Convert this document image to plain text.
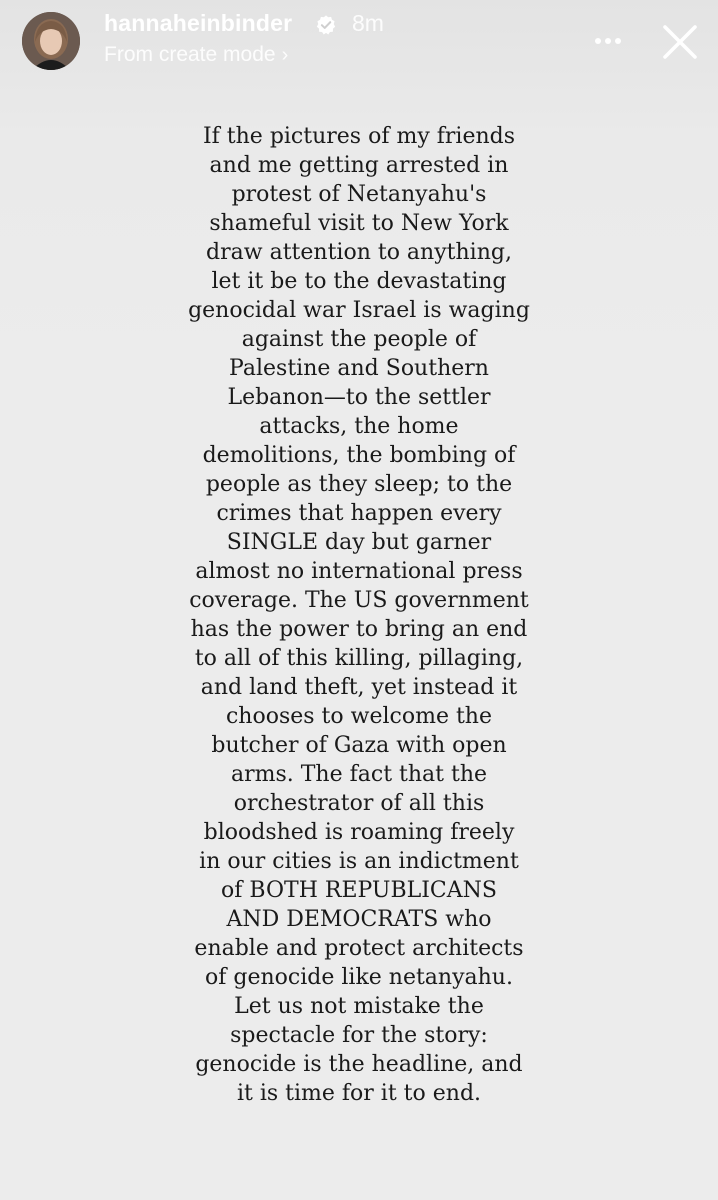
hannaheinbinder	8m
From create mode ›

If the pictures of my friends
and me getting arrested in
protest of Netanyahu's
shameful visit to New York
draw attention to anything,
let it be to the devastating
genocidal war Israel is waging
against the people of
Palestine and Southern
Lebanon—to the settler
attacks, the home
demolitions, the bombing of
people as they sleep; to the
crimes that happen every
SINGLE day but garner
almost no international press
coverage. The US government
has the power to bring an end
to all of this killing, pillaging,
and land theft, yet instead it
chooses to welcome the
butcher of Gaza with open
arms. The fact that the
orchestrator of all this
bloodshed is roaming freely
in our cities is an indictment
of BOTH REPUBLICANS
AND DEMOCRATS who
enable and protect architects
of genocide like netanyahu.
Let us not mistake the
spectacle for the story:
genocide is the headline, and
it is time for it to end.
